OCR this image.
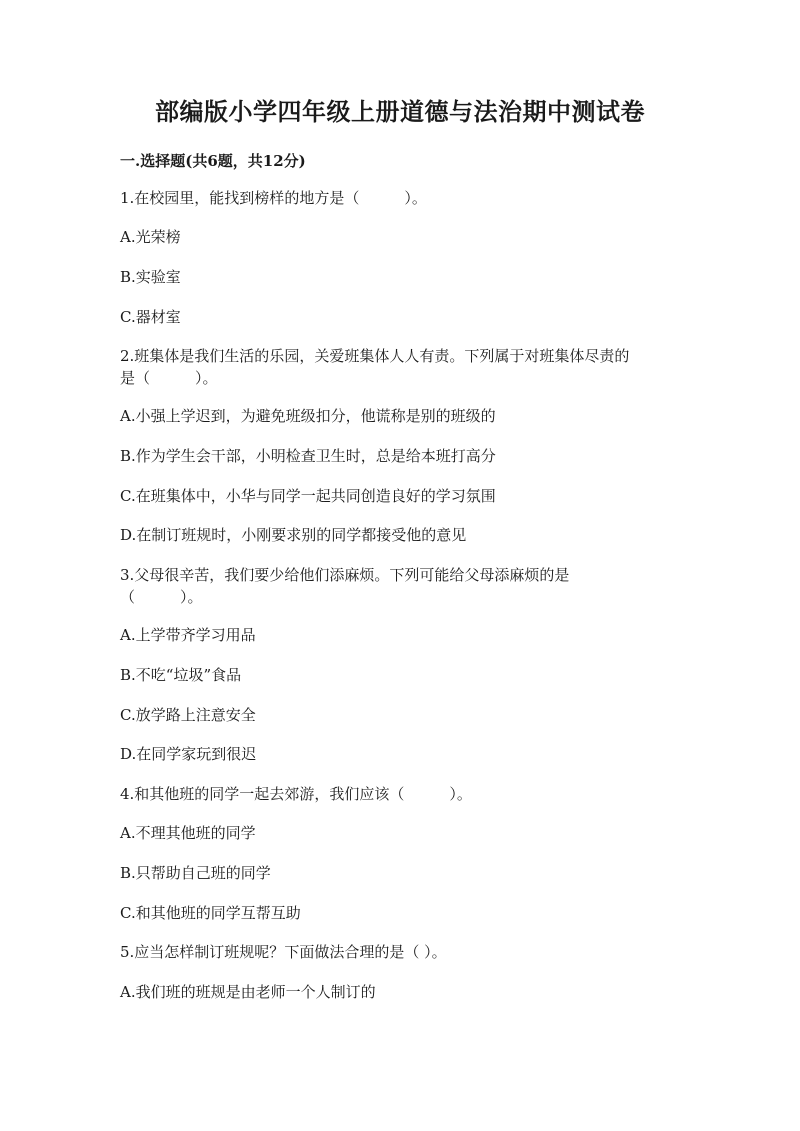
部编版小学四年级上册道德与法治期中测试卷
一.选择题(共6题，共12分)
1.在校园里，能找到榜样的地方是（　　　）。
A.光荣榜
B.实验室
C.器材室
2.班集体是我们生活的乐园，关爱班集体人人有责。下列属于对班集体尽责的
是（　　　）。
A.小强上学迟到，为避免班级扣分，他谎称是别的班级的
B.作为学生会干部，小明检查卫生时，总是给本班打高分
C.在班集体中，小华与同学一起共同创造良好的学习氛围
D.在制订班规时，小刚要求别的同学都接受他的意见
3.父母很辛苦，我们要少给他们添麻烦。下列可能给父母添麻烦的是
（　　　）。
A.上学带齐学习用品
B.不吃“垃圾”食品
C.放学路上注意安全
D.在同学家玩到很迟
4.和其他班的同学一起去郊游，我们应该（　　　）。
A.不理其他班的同学
B.只帮助自己班的同学
C.和其他班的同学互帮互助
5.应当怎样制订班规呢？下面做法合理的是（ ）。
A.我们班的班规是由老师一个人制订的
